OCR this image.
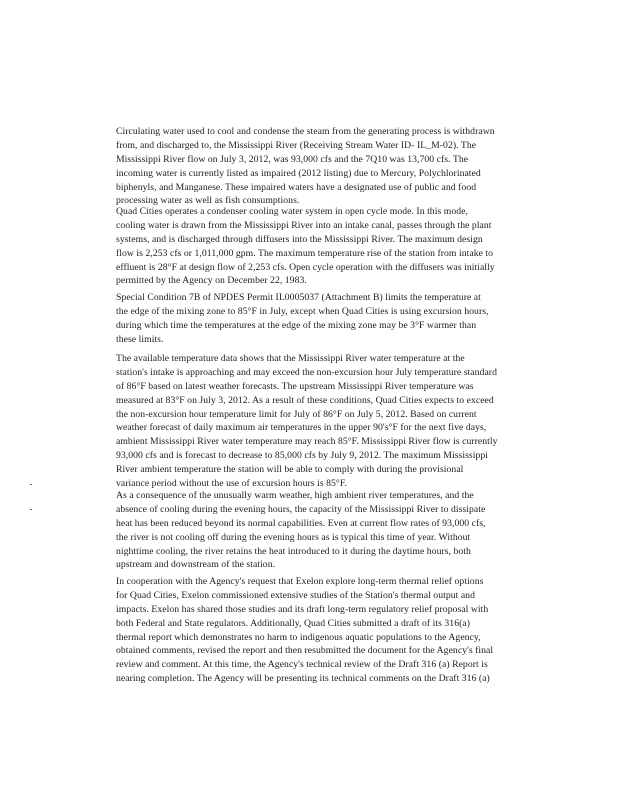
Circulating water used to cool and condense the steam from the generating process is withdrawn
from, and discharged to, the Mississippi River (Receiving Stream Water ID- IL_M-02). The
Mississippi River flow on July 3, 2012, was 93,000 cfs and the 7Q10 was 13,700 cfs. The
incoming water is currently listed as impaired (2012 listing) due to Mercury, Polychlorinated
biphenyls, and Manganese. These impaired waters have a designated use of public and food
processing water as well as fish consumptions.

Quad Cities operates a condenser cooling water system in open cycle mode. In this mode,
cooling water is drawn from the Mississippi River into an intake canal, passes through the plant
systems, and is discharged through diffusers into the Mississippi River. The maximum design
flow is 2,253 cfs or 1,011,000 gpm. The maximum temperature rise of the station from intake to
effluent is 28°F at design flow of 2,253 cfs. Open cycle operation with the diffusers was initially
permitted by the Agency on December 22, 1983.

Special Condition 7B of NPDES Permit IL0005037 (Attachment B) limits the temperature at
the edge of the mixing zone to 85°F in July, except when Quad Cities is using excursion hours,
during which time the temperatures at the edge of the mixing zone may be 3°F warmer than
these limits.

The available temperature data shows that the Mississippi River water temperature at the
station's intake is approaching and may exceed the non-excursion hour July temperature standard
of 86°F based on latest weather forecasts. The upstream Mississippi River temperature was
measured at 83°F on July 3, 2012. As a result of these conditions, Quad Cities expects to exceed
the non-excursion hour temperature limit for July of 86°F on July 5, 2012. Based on current
weather forecast of daily maximum air temperatures in the upper 90's°F for the next five days,
ambient Mississippi River water temperature may reach 85°F. Mississippi River flow is currently
93,000 cfs and is forecast to decrease to 85,000 cfs by July 9, 2012. The maximum Mississippi
River ambient temperature the station will be able to comply with during the provisional
variance period without the use of excursion hours is 85°F.

As a consequence of the unusually warm weather, high ambient river temperatures, and the
absence of cooling during the evening hours, the capacity of the Mississippi River to dissipate
heat has been reduced beyond its normal capabilities. Even at current flow rates of 93,000 cfs,
the river is not cooling off during the evening hours as is typical this time of year. Without
nighttime cooling, the river retains the heat introduced to it during the daytime hours, both
upstream and downstream of the station.

In cooperation with the Agency's request that Exelon explore long-term thermal relief options
for Quad Cities, Exelon commissioned extensive studies of the Station's thermal output and
impacts. Exelon has shared those studies and its draft long-term regulatory relief proposal with
both Federal and State regulators. Additionally, Quad Cities submitted a draft of its 316(a)
thermal report which demonstrates no harm to indigenous aquatic populations to the Agency,
obtained comments, revised the report and then resubmitted the document for the Agency's final
review and comment. At this time, the Agency's technical review of the Draft 316 (a) Report is
nearing completion. The Agency will be presenting its technical comments on the Draft 316 (a)
